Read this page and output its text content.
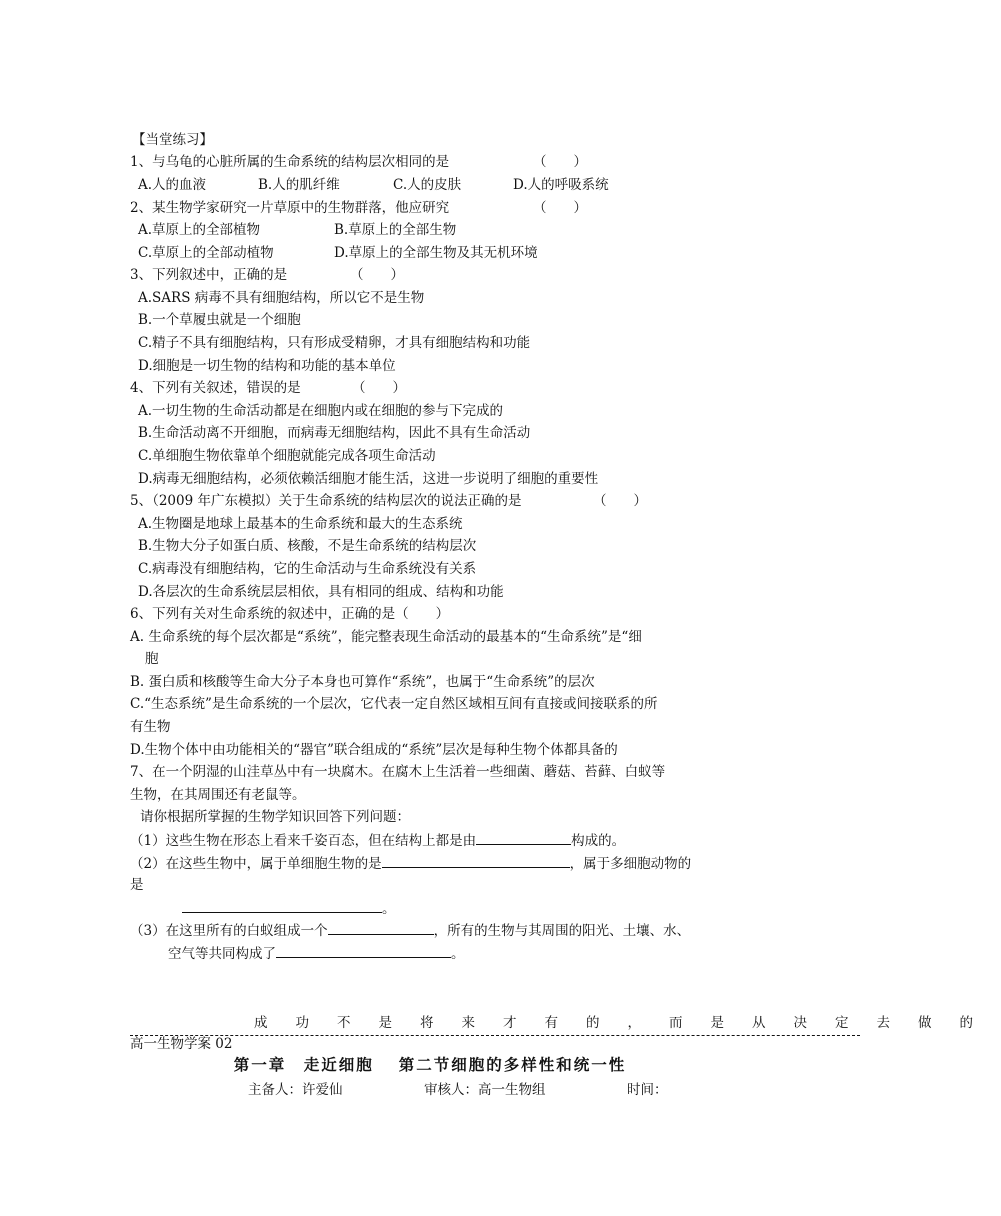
【当堂练习】
1、与乌龟的心脏所属的生命系统的结构层次相同的是	（　　）
A.人的血液	B.人的肌纤维	C.人的皮肤	D.人的呼吸系统
2、某生物学家研究一片草原中的生物群落，他应研究	（　　）
A.草原上的全部植物	B.草原上的全部生物
C.草原上的全部动植物	D.草原上的全部生物及其无机环境
3、下列叙述中，正确的是	（　　）
A.SARS 病毒不具有细胞结构，所以它不是生物
B.一个草履虫就是一个细胞
C.精子不具有细胞结构，只有形成受精卵，才具有细胞结构和功能
D.细胞是一切生物的结构和功能的基本单位
4、下列有关叙述，错误的是	（　　）
A.一切生物的生命活动都是在细胞内或在细胞的参与下完成的
B.生命活动离不开细胞，而病毒无细胞结构，因此不具有生命活动
C.单细胞生物依靠单个细胞就能完成各项生命活动
D.病毒无细胞结构，必须依赖活细胞才能生活，这进一步说明了细胞的重要性
5、（2009 年广东模拟）关于生命系统的结构层次的说法正确的是	（　　）
A.生物圈是地球上最基本的生命系统和最大的生态系统
B.生物大分子如蛋白质、核酸，不是生命系统的结构层次
C.病毒没有细胞结构，它的生命活动与生命系统没有关系
D.各层次的生命系统层层相依，具有相同的组成、结构和功能
6、下列有关对生命系统的叙述中，正确的是（　　）
A. 生命系统的每个层次都是“系统”，能完整表现生命活动的最基本的“生命系统”是“细
胞
B. 蛋白质和核酸等生命大分子本身也可算作“系统”，也属于“生命系统”的层次
C.“生态系统”是生命系统的一个层次，它代表一定自然区域相互间有直接或间接联系的所
有生物
D.生物个体中由功能相关的“器官”联合组成的“系统”层次是每种生物个体都具备的
7、在一个阴湿的山洼草丛中有一块腐木。在腐木上生活着一些细菌、蘑菇、苔藓、白蚁等
生物，在其周围还有老鼠等。
请你根据所掌握的生物学知识回答下列问题：
（1）这些生物在形态上看来千姿百态，但在结构上都是由	构成的。
（2）在这些生物中，属于单细胞生物的是	，属于多细胞动物的
是
。
（3）在这里所有的白蚁组成一个	，所有的生物与其周围的阳光、土壤、水、
空气等共同构成了	。
成功不是将来才有的，而是从决定去做的
高一生物学案 02
第一章　走近细胞　 第二节细胞的多样性和统一性
主备人：许爱仙	审核人：高一生物组	时间：
